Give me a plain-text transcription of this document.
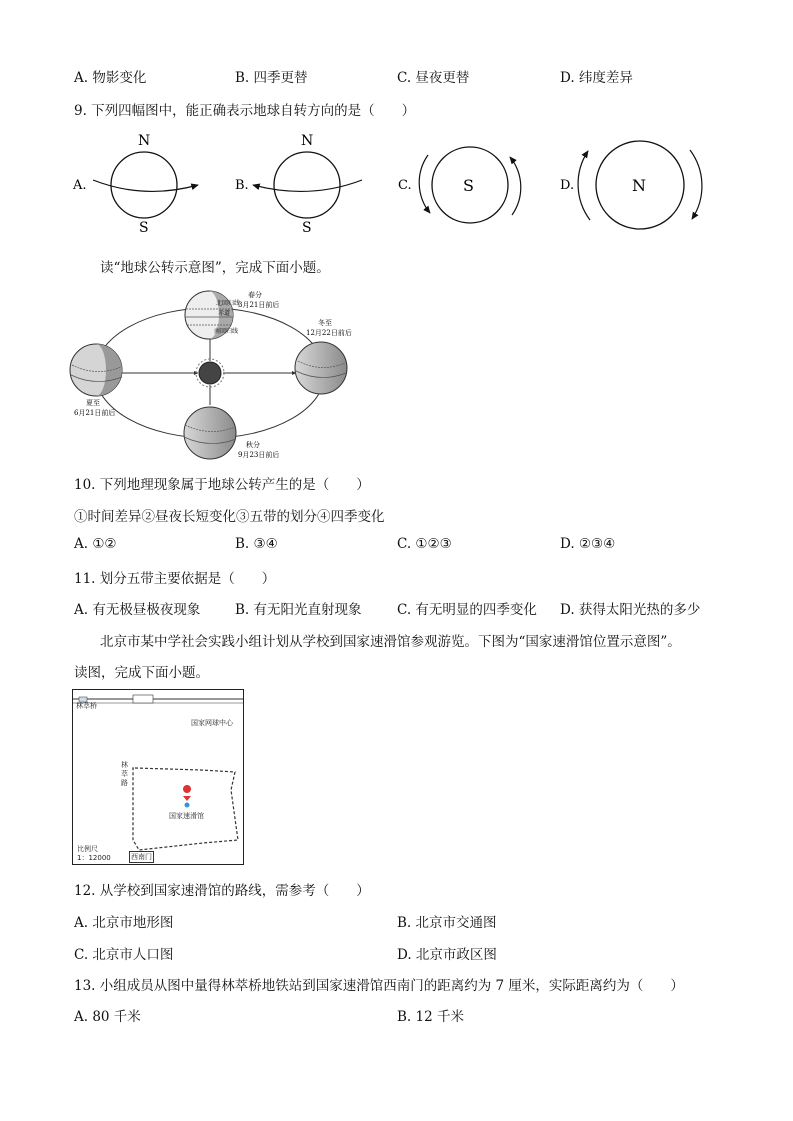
A. 物影变化	B. 四季更替	C. 昼夜更替	D. 纬度差异
9. 下列四幅图中，能正确表示地球自转方向的是（　　）
A.
N
S
B.
N
S
C.	S	D.	N
读“地球公转示意图”，完成下面小题。
北回归线
赤道
南回归线
春分
3月21日前后
冬至
12月22日前后
夏至
6月21日前后
秋分
9月23日前后
10. 下列地理现象属于地球公转产生的是（　　）
①时间差异②昼夜长短变化③五带的划分④四季变化
A. ①②	B. ③④	C. ①②③	D. ②③④
11. 划分五带主要依据是（　　）
A. 有无极昼极夜现象	B. 有无阳光直射现象	C. 有无明显的四季变化 D. 获得太阳光热的多少
北京市某中学社会实践小组计划从学校到国家速滑馆参观游览。下图为“国家速滑馆位置示意图”。
读图，完成下面小题。
林萃桥
国家网球中心
林
萃
路
国家速滑馆
比例尺
1：12000	西南门
12. 从学校到国家速滑馆的路线，需参考（　　）
A. 北京市地形图	B. 北京市交通图
C. 北京市人口图	D. 北京市政区图
13. 小组成员从图中量得林萃桥地铁站到国家速滑馆西南门的距离约为 7 厘米，实际距离约为（　　）
A. 80 千米	B. 12 千米
